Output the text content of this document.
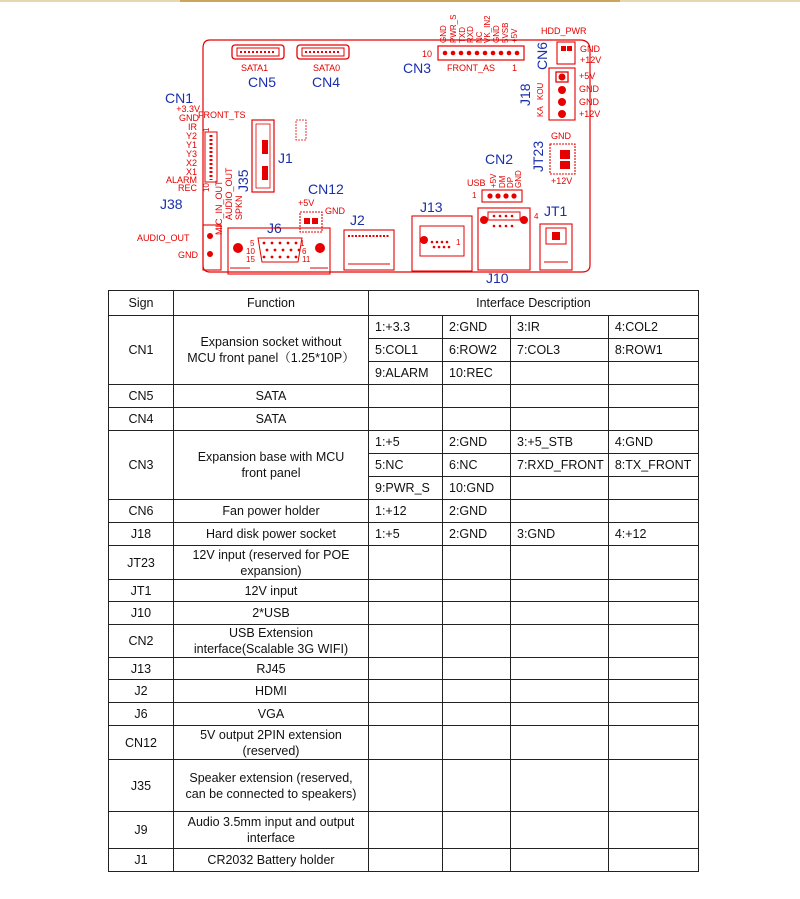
SATA1
CN5
SATA0
CN4
10
1
FRONT_AS
CN3
GND PWR_S TXD RXD NC VK_IN2 GND 5VSB +5V HDD_PWR
CN6	GND
+12V
J18
KA
KOU
+5V
GND
GND
+12V
JT23
GND
+12V
CN1
FRONT_TS
+3.3V
GND
IR
Y2
Y1
Y3
X2
X1
ALARM
REC 10
1
J35
MIC_IN_OUT AUDIO_OUT SPKN
J1
J38
AUDIO_OUT
GND
J6
5
10
15
1
6
11
CN12
+5V
GND
J2
J13
1
CN2
+5V DM DP GND
USB
1
4
J10
JT1
Sign	Function	Interface Description			
CN1	Expansion socket without
MCU front panel（1.25*10P）	1:+3.3	2:GND	3:IR	4:COL2
		5:COL1	6:ROW2	7:COL3	8:ROW1
		9:ALARM	10:REC		
CN5	SATA				

CN4	SATA				

CN3	Expansion base with MCU
front panel	1:+5	2:GND	3:+5_STB	4:GND
		5:NC	6:NC	7:RXD_FRONT	8:TX_FRONT
		9:PWR_S	10:GND		
CN6	Fan power holder	1:+12	2:GND		
J18	Hard disk power socket	1:+5	2:GND	3:GND	4:+12
JT23	12V input (reserved for POE
expansion)				

JT1	12V input				

J10	2*USB				

CN2	USB Extension
interface(Scalable 3G WIFI)				

J13	RJ45				

J2	HDMI				

J6	VGA				

CN12	5V output 2PIN extension
(reserved)				

J35	Speaker extension (reserved,
can be connected to speakers)				

J9	Audio 3.5mm input and output
interface				

J1	CR2032 Battery holder				
